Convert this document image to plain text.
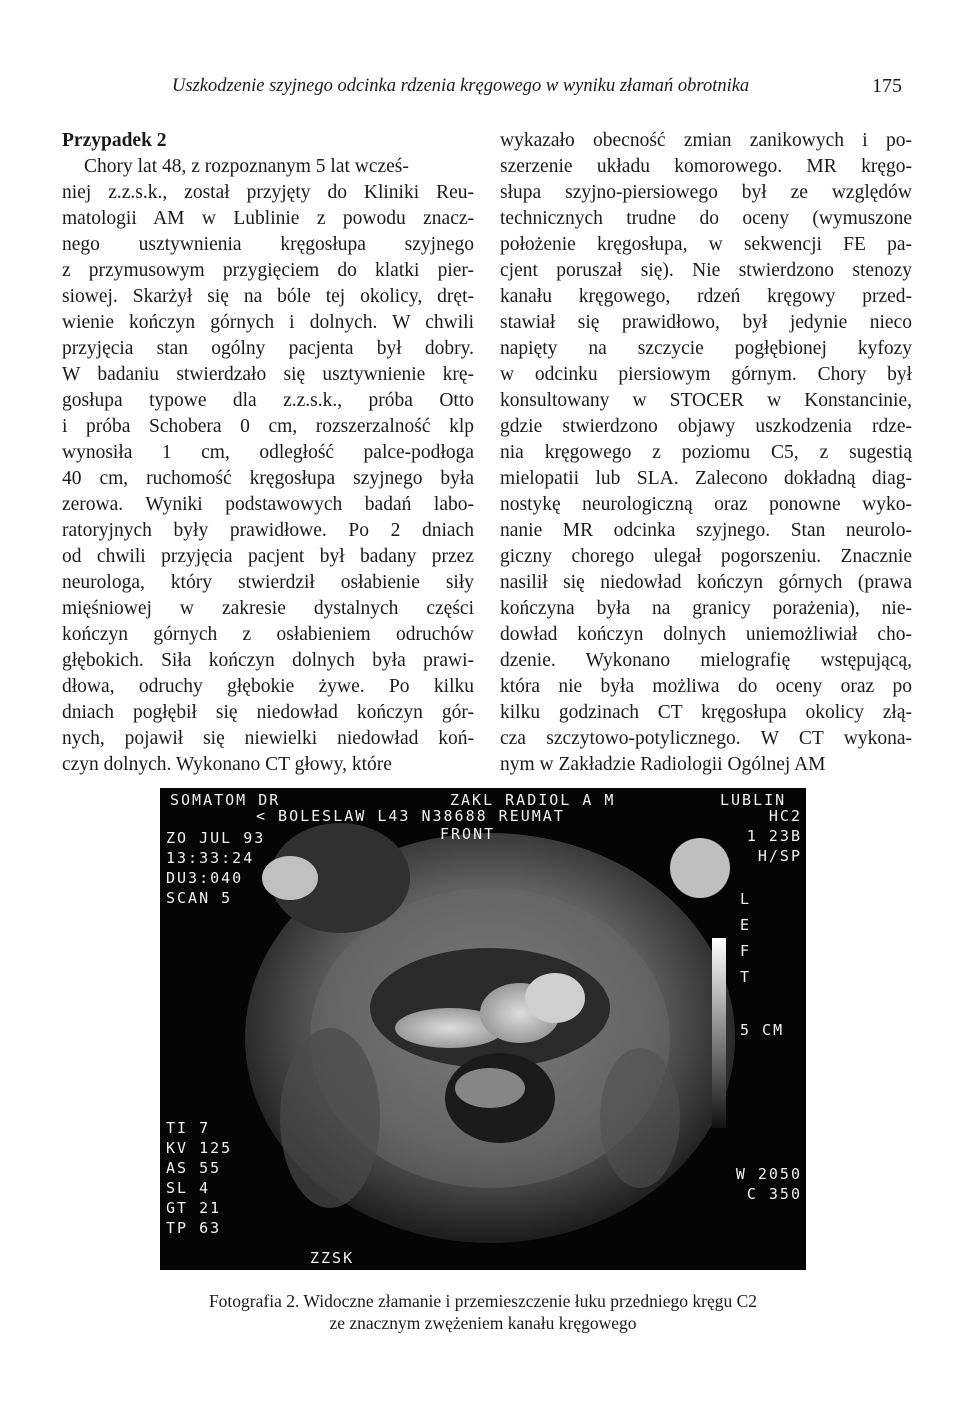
Uszkodzenie szyjnego odcinka rdzenia kręgowego w wyniku złamań obrotnika	175
Przypadek 2
Chory lat 48, z rozpoznanym 5 lat wcześ-
niej z.z.s.k., został przyjęty do Kliniki Reu-
matologii AM w Lublinie z powodu znacz-
nego usztywnienia kręgosłupa szyjnego
z przymusowym przygięciem do klatki pier-
siowej. Skarżył się na bóle tej okolicy, dręt-
wienie kończyn górnych i dolnych. W chwili
przyjęcia stan ogólny pacjenta był dobry.
W badaniu stwierdzało się usztywnienie krę-
gosłupa typowe dla z.z.s.k., próba Otto
i próba Schobera 0 cm, rozszerzalność klp
wynosiła 1 cm, odległość palce-podłoga
40 cm, ruchomość kręgosłupa szyjnego była
zerowa. Wyniki podstawowych badań labo-
ratoryjnych były prawidłowe. Po 2 dniach
od chwili przyjęcia pacjent był badany przez
neurologa, który stwierdził osłabienie siły
mięśniowej w zakresie dystalnych części
kończyn górnych z osłabieniem odruchów
głębokich. Siła kończyn dolnych była prawi-
dłowa, odruchy głębokie żywe. Po kilku
dniach pogłębił się niedowład kończyn gór-
nych, pojawił się niewielki niedowład koń-
czyn dolnych. Wykonano CT głowy, które
wykazało obecność zmian zanikowych i po-
szerzenie układu komorowego. MR kręgo-
słupa szyjno-piersiowego był ze względów
technicznych trudne do oceny (wymuszone
położenie kręgosłupa, w sekwencji FE pa-
cjent poruszał się). Nie stwierdzono stenozy
kanału kręgowego, rdzeń kręgowy przed-
stawiał się prawidłowo, był jedynie nieco
napięty na szczycie pogłębionej kyfozy
w odcinku piersiowym górnym. Chory był
konsultowany w STOCER w Konstancinie,
gdzie stwierdzono objawy uszkodzenia rdze-
nia kręgowego z poziomu C5, z sugestią
mielopatii lub SLA. Zalecono dokładną diag-
nostykę neurologiczną oraz ponowne wyko-
nanie MR odcinka szyjnego. Stan neurolo-
giczny chorego ulegał pogorszeniu. Znacznie
nasilił się niedowład kończyn górnych (prawa
kończyna była na granicy porażenia), nie-
dowład kończyn dolnych uniemożliwiał cho-
dzenie. Wykonano mielografię wstępującą,
która nie była możliwa do oceny oraz po
kilku godzinach CT kręgosłupa okolicy złą-
cza szczytowo-potylicznego. W CT wykona-
nym w Zakładzie Radiologii Ogólnej AM
SOMATOM DR	LUBLIN
ZAKL RADIOL A M
< BOLESLAW L43 N38688 REUMAT
FRONT
ZO JUL 93
13:33:24
DU3:040
SCAN 5
HC2
1 23B
H/SP
L
E
F
T
5 CM
TI 7
KV 125
AS 55
SL 4
GT 21
TP 63
W 2050
C 350
ZZSK
Fotografia 2. Widoczne złamanie i przemieszczenie łuku przedniego kręgu C2
ze znacznym zwężeniem kanału kręgowego
